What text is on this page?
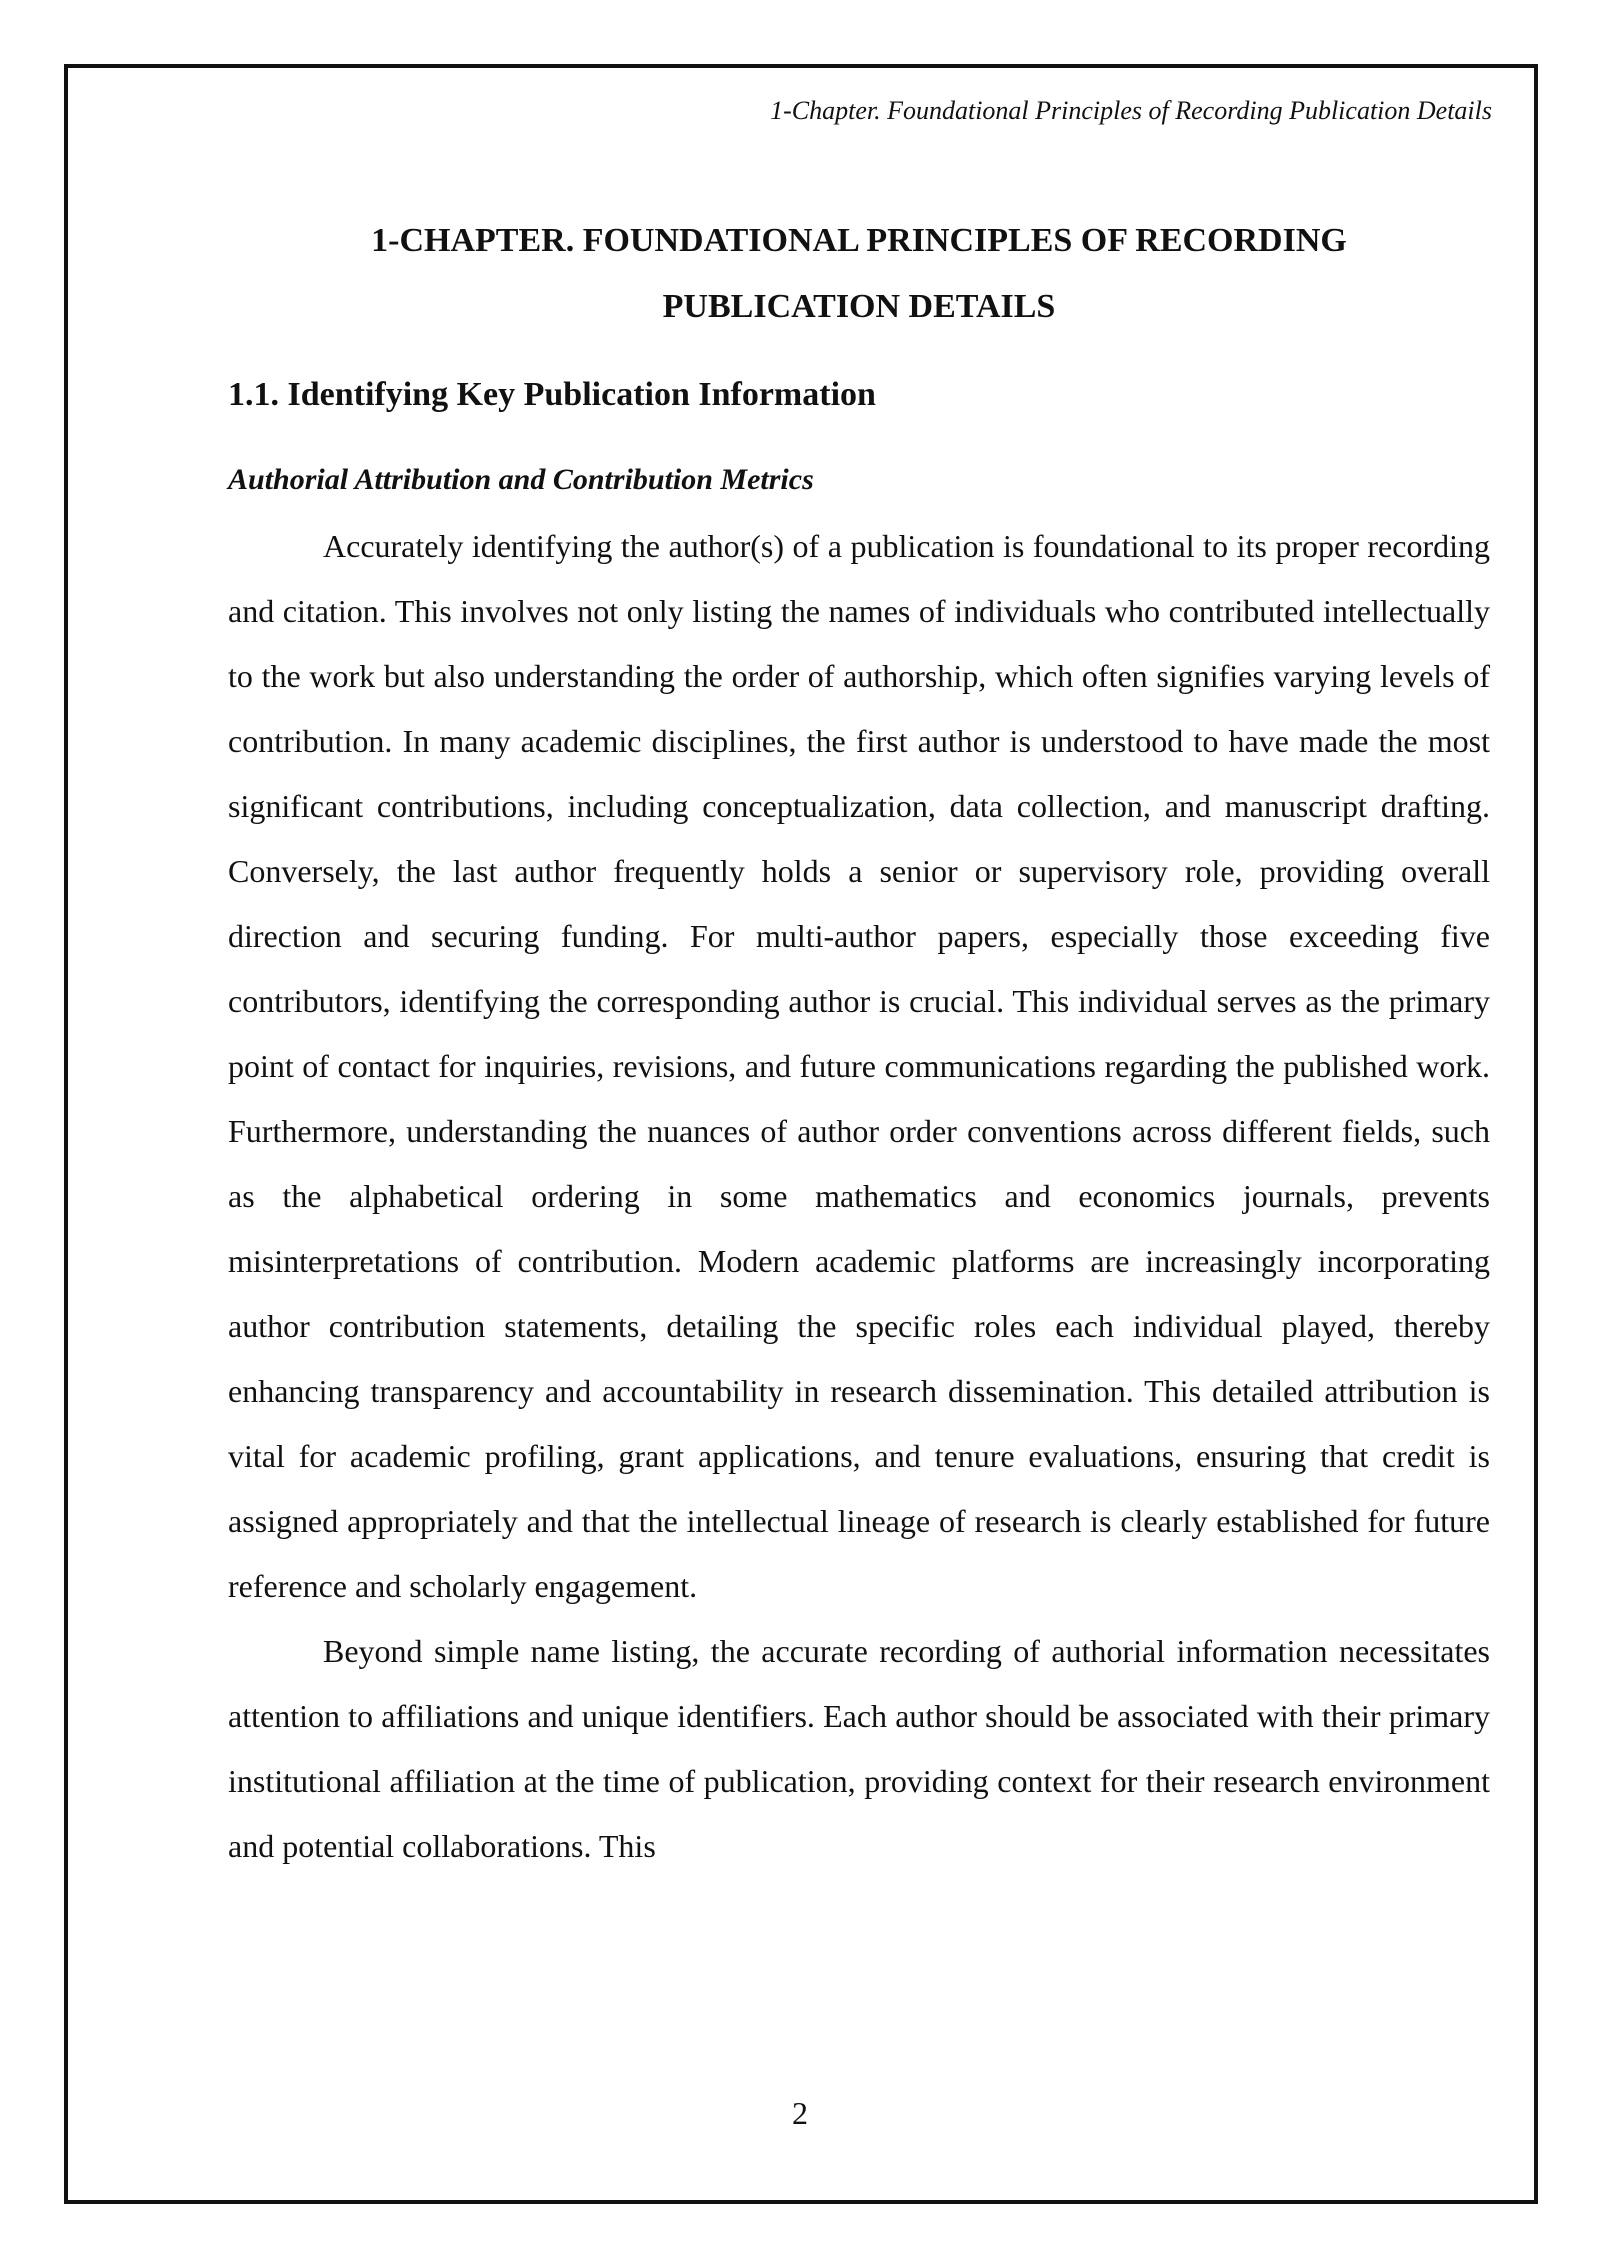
1-Chapter. Foundational Principles of Recording Publication Details
1-CHAPTER. FOUNDATIONAL PRINCIPLES OF RECORDING
PUBLICATION DETAILS
1.1. Identifying Key Publication Information
Authorial Attribution and Contribution Metrics

Accurately identifying the author(s) of a publication is foundational to its proper recording and citation. This involves not only listing the names of individuals who contributed intellectually to the work but also understanding the order of authorship, which often signifies varying levels of contribution. In many academic disciplines, the first author is understood to have made the most significant contributions, including conceptualization, data collection, and manuscript drafting. Conversely, the last author frequently holds a senior or supervisory role, providing overall direction and securing funding. For multi-author papers, especially those exceeding five contributors, identifying the corresponding author is crucial. This individual serves as the primary point of contact for inquiries, revisions, and future communications regarding the published work. Furthermore, understanding the nuances of author order conventions across different fields, such as the alphabetical ordering in some mathematics and economics journals, prevents misinterpretations of contribution. Modern academic platforms are increasingly incorporating author contribution statements, detailing the specific roles each individual played, thereby enhancing transparency and accountability in research dissemination. This detailed attribution is vital for academic profiling, grant applications, and tenure evaluations, ensuring that credit is assigned appropriately and that the intellectual lineage of research is clearly established for future reference and scholarly engagement.

Beyond simple name listing, the accurate recording of authorial information necessitates attention to affiliations and unique identifiers. Each author should be associated with their primary institutional affiliation at the time of publication, providing context for their research environment and potential collaborations. This

2
